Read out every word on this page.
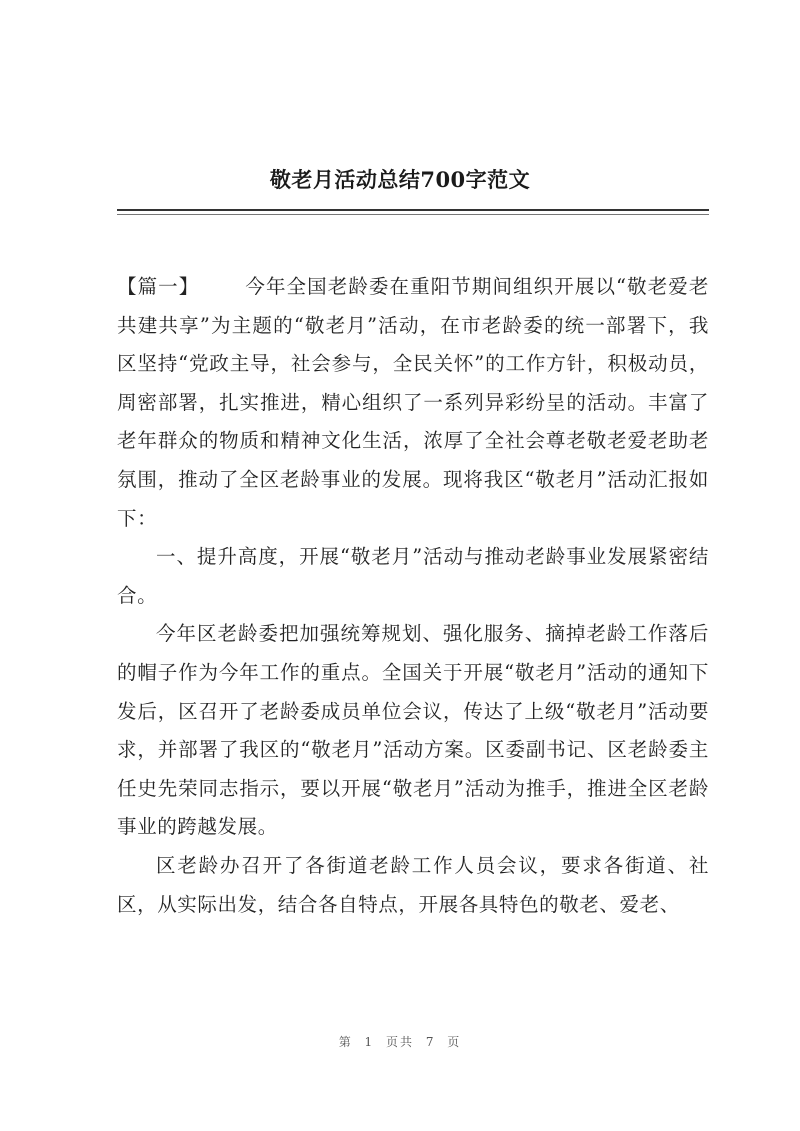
敬老月活动总结700字范文

【篇一】 今年全国老龄委在重阳节期间组织开展以“敬老爱老共建共享”为主题的“敬老月”活动，在市老龄委的统一部署下，我区坚持“党政主导，社会参与，全民关怀”的工作方针，积极动员，周密部署，扎实推进，精心组织了一系列异彩纷呈的活动。丰富了老年群众的物质和精神文化生活，浓厚了全社会尊老敬老爱老助老氛围，推动了全区老龄事业的发展。现将我区“敬老月”活动汇报如下：

一、提升高度，开展“敬老月”活动与推动老龄事业发展紧密结合。

今年区老龄委把加强统筹规划、强化服务、摘掉老龄工作落后的帽子作为今年工作的重点。全国关于开展“敬老月”活动的通知下发后，区召开了老龄委成员单位会议，传达了上级“敬老月”活动要求，并部署了我区的“敬老月”活动方案。区委副书记、区老龄委主任史先荣同志指示，要以开展“敬老月”活动为推手，推进全区老龄事业的跨越发展。

区老龄办召开了各街道老龄工作人员会议，要求各街道、社区，从实际出发，结合各自特点，开展各具特色的敬老、爱老、

第 1 页共 7 页
